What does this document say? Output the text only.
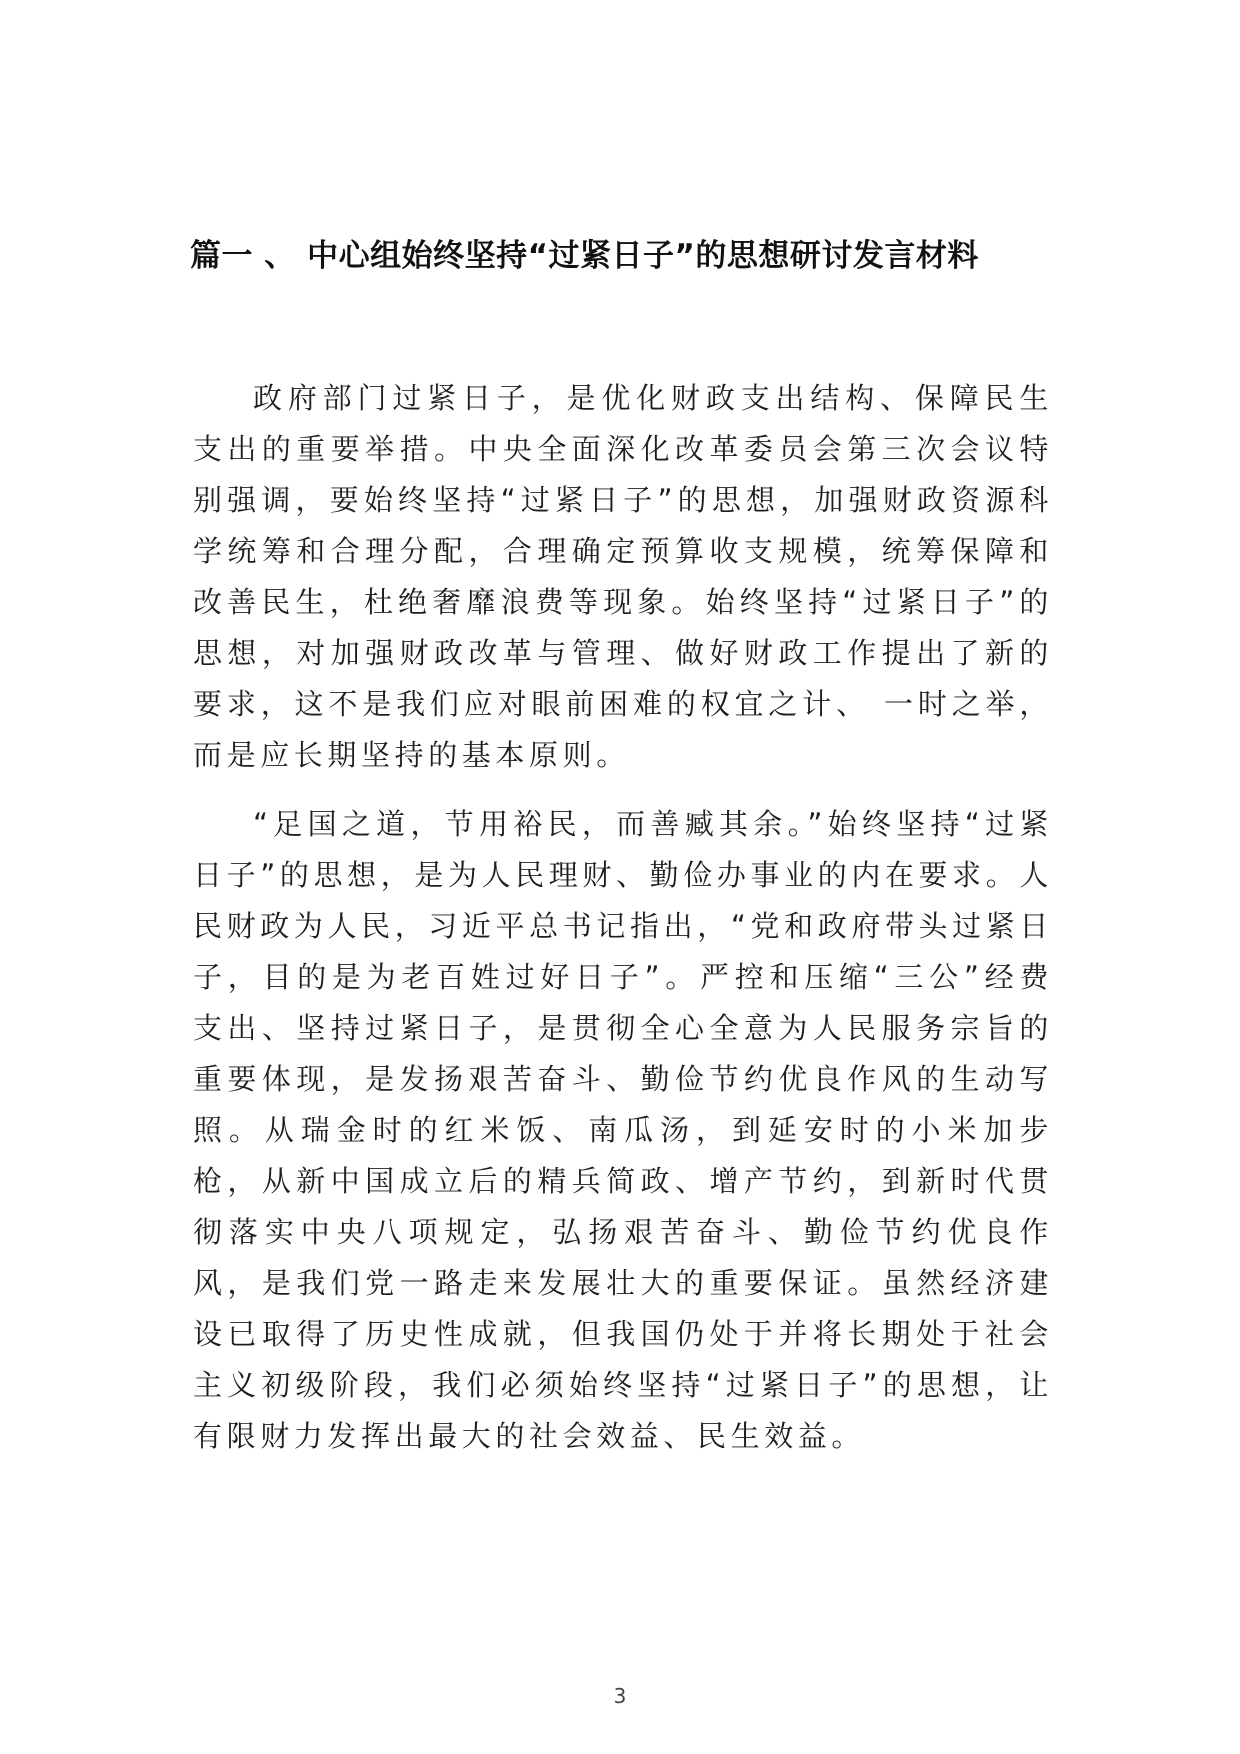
篇一 、 中心组始终坚持“过紧日子”的思想研讨发言材料

政府部门过紧日子，是优化财政支出结构、保障民生支出的重要举措。中央全面深化改革委员会第三次会议特别强调，要始终坚持“过紧日子”的思想，加强财政资源科学统筹和合理分配，合理确定预算收支规模，统筹保障和改善民生，杜绝奢靡浪费等现象。始终坚持“过紧日子”的思想，对加强财政改革与管理、做好财政工作提出了新的要求，这不是我们应对眼前困难的权宜之计、 一时之举，而是应长期坚持的基本原则。

“足国之道，节用裕民，而善臧其余。”始终坚持“过紧日子”的思想，是为人民理财、勤俭办事业的内在要求。人民财政为人民，习近平总书记指出，“党和政府带头过紧日子，目的是为老百姓过好日子”。严控和压缩“三公”经费支出、坚持过紧日子，是贯彻全心全意为人民服务宗旨的重要体现，是发扬艰苦奋斗、勤俭节约优良作风的生动写照。从瑞金时的红米饭、南瓜汤，到延安时的小米加步枪，从新中国成立后的精兵简政、增产节约，到新时代贯彻落实中央八项规定，弘扬艰苦奋斗、勤俭节约优良作风，是我们党一路走来发展壮大的重要保证。虽然经济建设已取得了历史性成就，但我国仍处于并将长期处于社会主义初级阶段，我们必须始终坚持“过紧日子”的思想，让有限财力发挥出最大的社会效益、民生效益。

3
